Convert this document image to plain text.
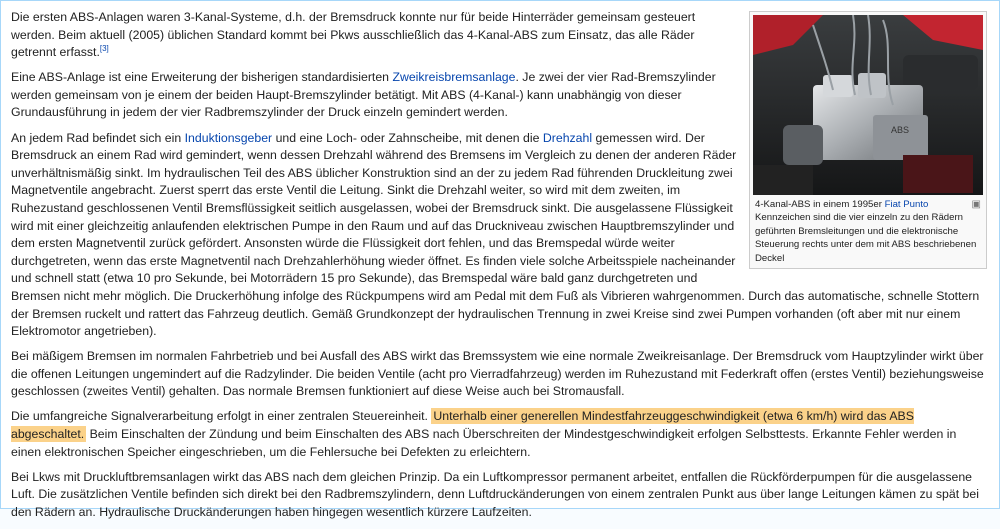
ABS
▣
4-Kanal-ABS in einem 1995er Fiat Punto Kennzeichen sind die vier einzeln zu den Rädern geführten Bremsleitungen und die elektronische Steuerung rechts unter dem mit ABS beschriebenen Deckel

Die ersten ABS-Anlagen waren 3-Kanal-Systeme, d.h. der Bremsdruck konnte nur für beide Hinterräder gemeinsam gesteuert werden. Beim aktuell (2005) üblichen Standard kommt bei Pkws ausschließlich das 4-Kanal-ABS zum Einsatz, das alle Räder getrennt erfasst.[3]

Eine ABS-Anlage ist eine Erweiterung der bisherigen standardisierten Zweikreisbremsanlage. Je zwei der vier Rad-Bremszylinder werden gemeinsam von je einem der beiden Haupt-Bremszylinder betätigt. Mit ABS (4-Kanal-) kann unabhängig von dieser Grundausführung in jedem der vier Radbremszylinder der Druck einzeln gemindert werden.

An jedem Rad befindet sich ein Induktionsgeber und eine Loch- oder Zahnscheibe, mit denen die Drehzahl gemessen wird. Der Bremsdruck an einem Rad wird gemindert, wenn dessen Drehzahl während des Bremsens im Vergleich zu denen der anderen Räder unverhältnismäßig sinkt. Im hydraulischen Teil des ABS üblicher Konstruktion sind an der zu jedem Rad führenden Druckleitung zwei Magnetventile angebracht. Zuerst sperrt das erste Ventil die Leitung. Sinkt die Drehzahl weiter, so wird mit dem zweiten, im Ruhezustand geschlossenen Ventil Bremsflüssigkeit seitlich ausgelassen, wobei der Bremsdruck sinkt. Die ausgelassene Flüssigkeit wird mit einer gleichzeitig anlaufenden elektrischen Pumpe in den Raum und auf das Druckniveau zwischen Hauptbremszylinder und dem ersten Magnetventil zurück gefördert. Ansonsten würde die Flüssigkeit dort fehlen, und das Bremspedal würde weiter durchgetreten, wenn das erste Magnetventil nach Drehzahlerhöhung wieder öffnet. Es finden viele solche Arbeitsspiele nacheinander und schnell statt (etwa 10 pro Sekunde, bei Motorrädern 15 pro Sekunde), das Bremspedal wäre bald ganz durchgetreten und Bremsen nicht mehr möglich. Die Druckerhöhung infolge des Rückpumpens wird am Pedal mit dem Fuß als Vibrieren wahrgenommen. Durch das automatische, schnelle Stottern der Bremsen ruckelt und rattert das Fahrzeug deutlich. Gemäß Grundkonzept der hydraulischen Trennung in zwei Kreise sind zwei Pumpen vorhanden (oft aber mit nur einem Elektromotor angetrieben).

Bei mäßigem Bremsen im normalen Fahrbetrieb und bei Ausfall des ABS wirkt das Bremssystem wie eine normale Zweikreisanlage. Der Bremsdruck vom Hauptzylinder wirkt über die offenen Leitungen ungemindert auf die Radzylinder. Die beiden Ventile (acht pro Vierradfahrzeug) werden im Ruhezustand mit Federkraft offen (erstes Ventil) beziehungsweise geschlossen (zweites Ventil) gehalten. Das normale Bremsen funktioniert auf diese Weise auch bei Stromausfall.

Die umfangreiche Signalverarbeitung erfolgt in einer zentralen Steuereinheit. Unterhalb einer generellen Mindestfahrzeuggeschwindigkeit (etwa 6 km/h) wird das ABS abgeschaltet. Beim Einschalten der Zündung und beim Einschalten des ABS nach Überschreiten der Mindestgeschwindigkeit erfolgen Selbsttests. Erkannte Fehler werden in einen elektronischen Speicher eingeschrieben, um die Fehlersuche bei Defekten zu erleichtern.

Bei Lkws mit Druckluftbremsanlagen wirkt das ABS nach dem gleichen Prinzip. Da ein Luftkompressor permanent arbeitet, entfallen die Rückförderpumpen für die ausgelassene Luft. Die zusätzlichen Ventile befinden sich direkt bei den Radbremszylindern, denn Luftdruckänderungen von einem zentralen Punkt aus über lange Leitungen kämen zu spät bei den Rädern an. Hydraulische Druckänderungen haben hingegen wesentlich kürzere Laufzeiten.
